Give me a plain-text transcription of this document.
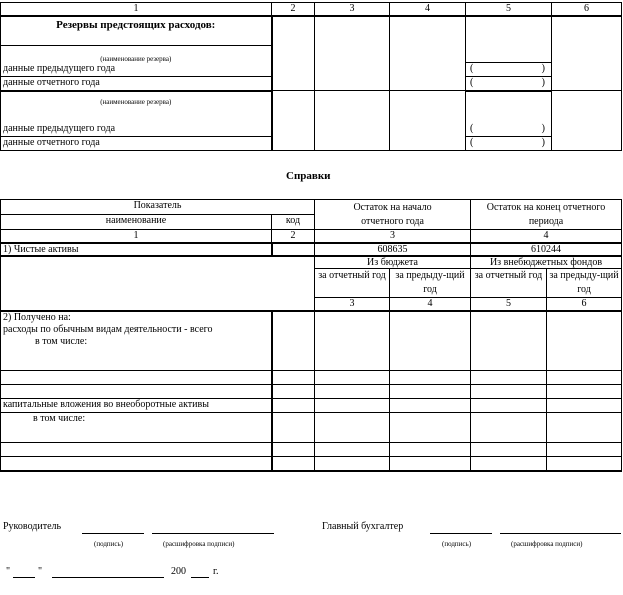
1	2	3	4	5	6
Резервы предстоящих расходов:					
(наименование резерва)					
данные предыдущего года				( )	

данные отчетного года				( )	

(наименование резерва)					
данные предыдущего года				( )	

данные отчетного года				( )	
Справки
Показатель		Остаток на начало отчетного года		Остаток на конец отчетного периода	
наименование	код				
1	2	3		4	
1) Чистые активы		608635		610244	
		Из бюджета		Из внебюджетных фондов	
		за отчетный год	за предыду-щий год	за отчетный год	за предыду-щий год
		3	4	5	6

2) Получено на:
расходы по обычным видам деятельности - всего
в том числе:					

капитальные вложения во внеоборотные активы					
в том числе:					

Руководитель
(подпись)	(расшифровка подписи)
Главный бухгалтер
(подпись)	(расшифровка подписи)
"	"	200	г.
